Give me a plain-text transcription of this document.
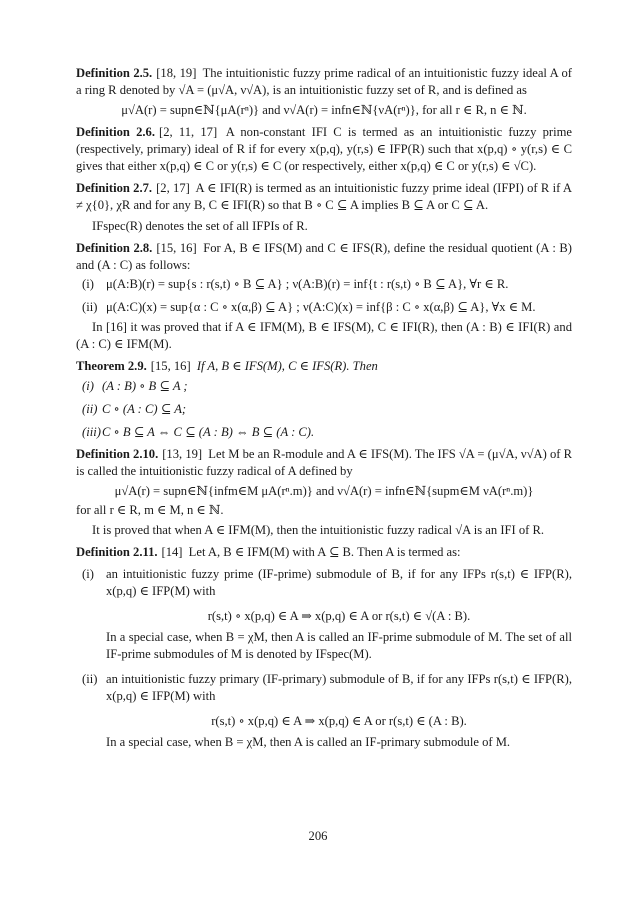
Definition 2.5. [18, 19] The intuitionistic fuzzy prime radical of an intuitionistic fuzzy ideal A of a ring R denoted by √A = (μ√A, ν√A), is an intuitionistic fuzzy set of R, and is defined as

μ√A(r) = supn∈ℕ{μA(rⁿ)} and ν√A(r) = infn∈ℕ{νA(rⁿ)}, for all r ∈ R, n ∈ ℕ.

Definition 2.6. [2, 11, 17] A non-constant IFI C is termed as an intuitionistic fuzzy prime (respectively, primary) ideal of R if for every x(p,q), y(r,s) ∈ IFP(R) such that x(p,q) ∘ y(r,s) ∈ C gives that either x(p,q) ∈ C or y(r,s) ∈ C (or respectively, either x(p,q) ∈ C or y(r,s) ∈ √C).

Definition 2.7. [2, 17] A ∈ IFI(R) is termed as an intuitionistic fuzzy prime ideal (IFPI) of R if A ≠ χ{0}, χR and for any B, C ∈ IFI(R) so that B ∘ C ⊆ A implies B ⊆ A or C ⊆ A.

IFspec(R) denotes the set of all IFPIs of R.

Definition 2.8. [15, 16] For A, B ∈ IFS(M) and C ∈ IFS(R), define the residual quotient (A : B) and (A : C) as follows:

(i) μ(A:B)(r) = sup{s : r(s,t) ∘ B ⊆ A} ; ν(A:B)(r) = inf{t : r(s,t) ∘ B ⊆ A}, ∀r ∈ R.
(ii) μ(A:C)(x) = sup{α : C ∘ x(α,β) ⊆ A} ; ν(A:C)(x) = inf{β : C ∘ x(α,β) ⊆ A}, ∀x ∈ M.

In [16] it was proved that if A ∈ IFM(M), B ∈ IFS(M), C ∈ IFI(R), then (A : B) ∈ IFI(R) and (A : C) ∈ IFM(M).

Theorem 2.9. [15, 16] If A, B ∈ IFS(M), C ∈ IFS(R). Then

(i) (A : B) ∘ B ⊆ A ;
(ii) C ∘ (A : C) ⊆ A;
(iii) C ∘ B ⊆ A ⇔ C ⊆ (A : B) ⇔ B ⊆ (A : C).

Definition 2.10. [13, 19] Let M be an R-module and A ∈ IFS(M). The IFS √A = (μ√A, ν√A) of R is called the intuitionistic fuzzy radical of A defined by

μ√A(r) = supn∈ℕ{infm∈M μA(rⁿ.m)} and ν√A(r) = infn∈ℕ{supm∈M νA(rⁿ.m)}

for all r ∈ R, m ∈ M, n ∈ ℕ.

It is proved that when A ∈ IFM(M), then the intuitionistic fuzzy radical √A is an IFI of R.

Definition 2.11. [14] Let A, B ∈ IFM(M) with A ⊆ B. Then A is termed as:

(i) an intuitionistic fuzzy prime (IF-prime) submodule of B, if for any IFPs r(s,t) ∈ IFP(R), x(p,q) ∈ IFP(M) with

r(s,t) ∘ x(p,q) ∈ A ⇒ x(p,q) ∈ A or r(s,t) ∈ √(A : B).

In a special case, when B = χM, then A is called an IF-prime submodule of M. The set of all IF-prime submodules of M is denoted by IFspec(M).

(ii) an intuitionistic fuzzy primary (IF-primary) submodule of B, if for any IFPs r(s,t) ∈ IFP(R), x(p,q) ∈ IFP(M) with

r(s,t) ∘ x(p,q) ∈ A ⇒ x(p,q) ∈ A or r(s,t) ∈ (A : B).

In a special case, when B = χM, then A is called an IF-primary submodule of M.

206
